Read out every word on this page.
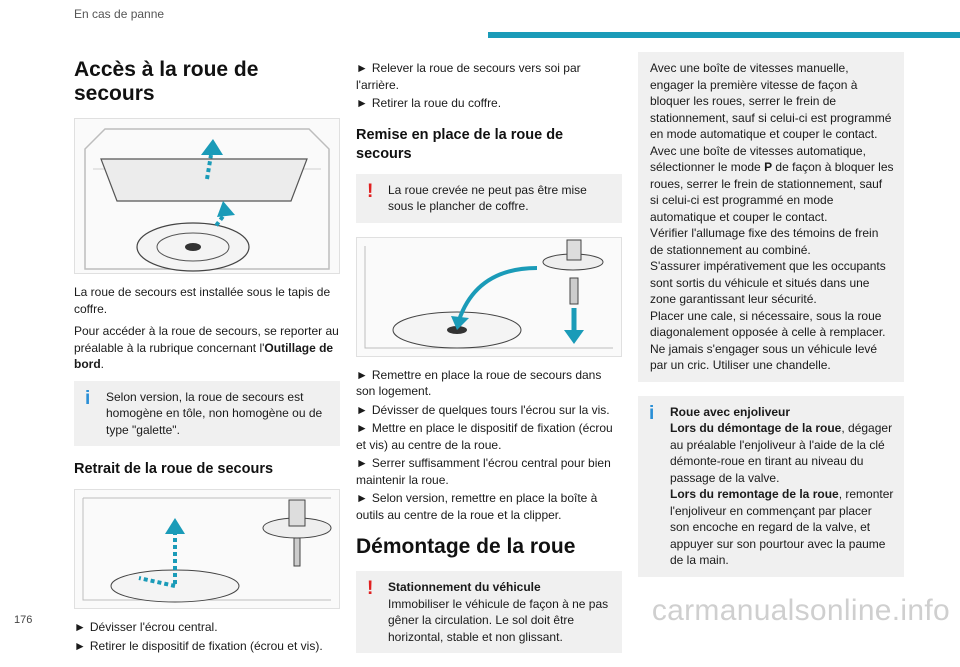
En cas de panne
Accès à la roue de secours

La roue de secours est installée sous le tapis de coffre.

Pour accéder à la roue de secours, se reporter au préalable à la rubrique concernant l'Outillage de bord.

i Selon version, la roue de secours est homogène en tôle, non homogène ou de type "galette".
Retrait de la roue de secours

► Dévisser l'écrou central.

► Retirer le dispositif de fixation (écrou et vis).

► Relever la roue de secours vers soi par l'arrière.

► Retirer la roue du coffre.

Remise en place de la roue de secours
! La roue crevée ne peut pas être mise sous le plancher de coffre.

► Remettre en place la roue de secours dans son logement.

► Dévisser de quelques tours l'écrou sur la vis.

► Mettre en place le dispositif de fixation (écrou et vis) au centre de la roue.

► Serrer suffisamment l'écrou central pour bien maintenir la roue.

► Selon version, remettre en place la boîte à outils au centre de la roue et la clipper.

Démontage de la roue
! Stationnement du véhicule
Immobiliser le véhicule de façon à ne pas gêner la circulation. Le sol doit être horizontal, stable et non glissant.
Avec une boîte de vitesses manuelle, engager la première vitesse de façon à bloquer les roues, serrer le frein de stationnement, sauf si celui-ci est programmé en mode automatique et couper le contact.
Avec une boîte de vitesses automatique, sélectionner le mode P de façon à bloquer les roues, serrer le frein de stationnement, sauf si celui-ci est programmé en mode automatique et couper le contact.
Vérifier l'allumage fixe des témoins de frein de stationnement au combiné.
S'assurer impérativement que les occupants sont sortis du véhicule et situés dans une zone garantissant leur sécurité.
Placer une cale, si nécessaire, sous la roue diagonalement opposée à celle à remplacer.
Ne jamais s'engager sous un véhicule levé par un cric. Utiliser une chandelle.
i Roue avec enjoliveur
Lors du démontage de la roue, dégager au préalable l'enjoliveur à l'aide de la clé démonte-roue en tirant au niveau du passage de la valve.
Lors du remontage de la roue, remonter l'enjoliveur en commençant par placer son encoche en regard de la valve, et appuyer sur son pourtour avec la paume de la main.
176	carmanualsonline.info
